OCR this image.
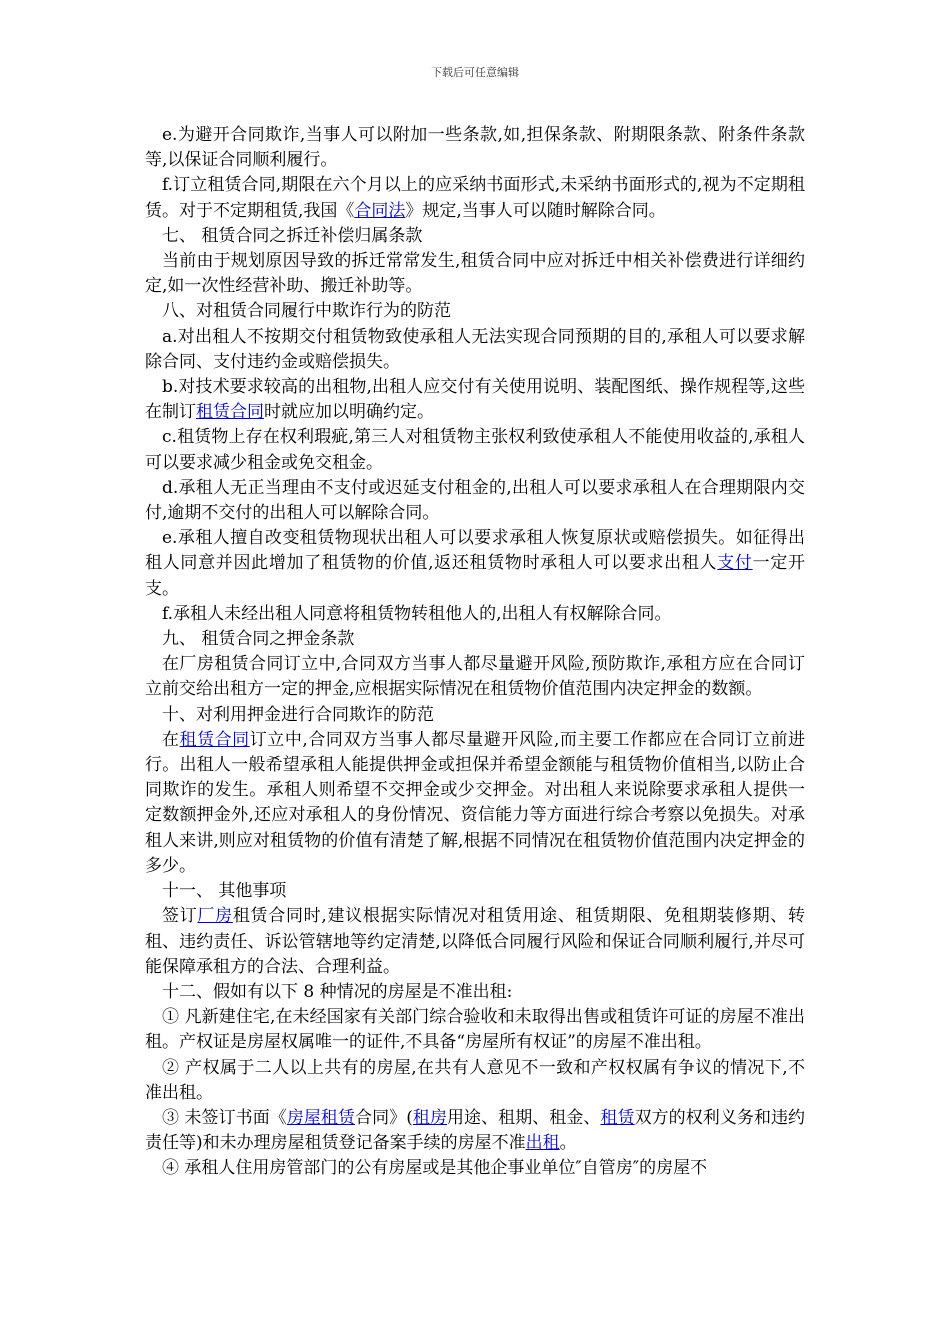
下载后可任意编辑

e.为避开合同欺诈,当事人可以附加一些条款,如,担保条款、附期限条款、附条件条款等,以保证合同顺利履行。

f.订立租赁合同,期限在六个月以上的应采纳书面形式,未采纳书面形式的,视为不定期租赁。对于不定期租赁,我国《合同法》规定,当事人可以随时解除合同。

七、 租赁合同之拆迁补偿归属条款

当前由于规划原因导致的拆迁常常发生,租赁合同中应对拆迁中相关补偿费进行详细约定,如一次性经营补助、搬迁补助等。

八、对租赁合同履行中欺诈行为的防范

a.对出租人不按期交付租赁物致使承租人无法实现合同预期的目的,承租人可以要求解除合同、支付违约金或赔偿损失。

b.对技术要求较高的出租物,出租人应交付有关使用说明、装配图纸、操作规程等,这些在制订租赁合同时就应加以明确约定。

c.租赁物上存在权利瑕疵,第三人对租赁物主张权利致使承租人不能使用收益的,承租人可以要求减少租金或免交租金。

d.承租人无正当理由不支付或迟延支付租金的,出租人可以要求承租人在合理期限内交付,逾期不交付的出租人可以解除合同。

e.承租人擅自改变租赁物现状出租人可以要求承租人恢复原状或赔偿损失。如征得出租人同意并因此增加了租赁物的价值,返还租赁物时承租人可以要求出租人支付一定开支。

f.承租人未经出租人同意将租赁物转租他人的,出租人有权解除合同。

九、 租赁合同之押金条款

在厂房租赁合同订立中,合同双方当事人都尽量避开风险,预防欺诈,承租方应在合同订立前交给出租方一定的押金,应根据实际情况在租赁物价值范围内决定押金的数额。

十、对利用押金进行合同欺诈的防范

在租赁合同订立中,合同双方当事人都尽量避开风险,而主要工作都应在合同订立前进行。出租人一般希望承租人能提供押金或担保并希望金额能与租赁物价值相当,以防止合同欺诈的发生。承租人则希望不交押金或少交押金。对出租人来说除要求承租人提供一定数额押金外,还应对承租人的身份情况、资信能力等方面进行综合考察以免损失。对承租人来讲,则应对租赁物的价值有清楚了解,根据不同情况在租赁物价值范围内决定押金的多少。

十一、 其他事项

签订厂房租赁合同时,建议根据实际情况对租赁用途、租赁期限、免租期装修期、转租、违约责任、诉讼管辖地等约定清楚,以降低合同履行风险和保证合同顺利履行,并尽可能保障承租方的合法、合理利益。

十二、假如有以下 8 种情况的房屋是不准出租:

① 凡新建住宅,在未经国家有关部门综合验收和未取得出售或租赁许可证的房屋不准出租。产权证是房屋权属唯一的证件,不具备“房屋所有权证”的房屋不准出租。

② 产权属于二人以上共有的房屋,在共有人意见不一致和产权权属有争议的情况下,不准出租。

③ 未签订书面《房屋租赁合同》(租房用途、租期、租金、租赁双方的权利义务和违约责任等)和未办理房屋租赁登记备案手续的房屋不准出租。

④ 承租人住用房管部门的公有房屋或是其他企事业单位″自管房″的房屋不
